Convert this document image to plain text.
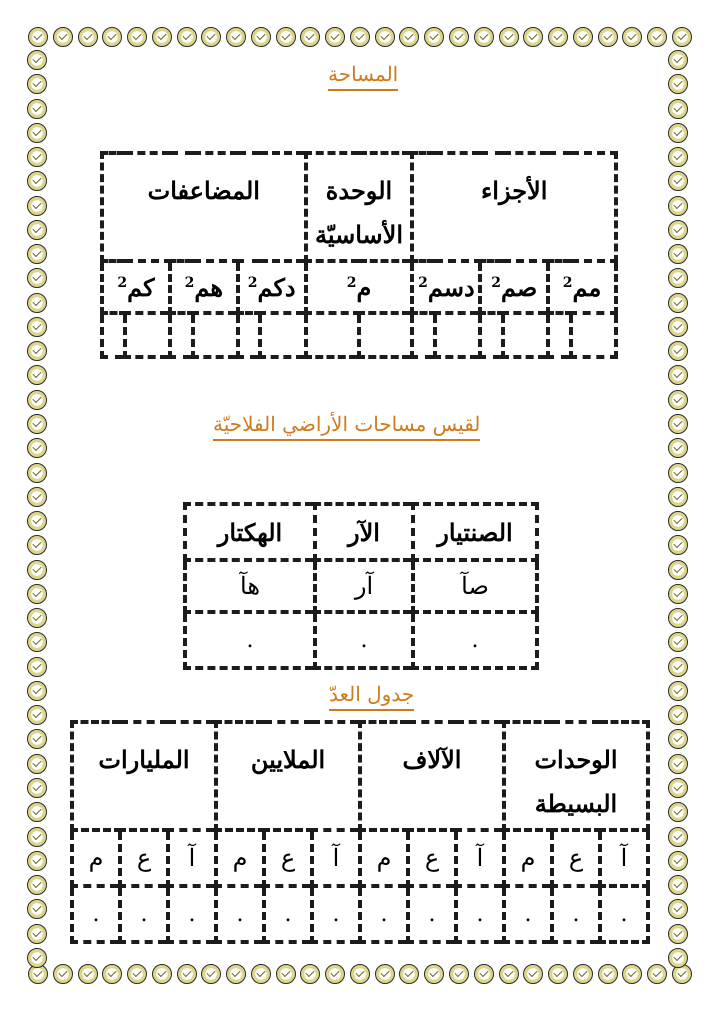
المساحة
الأجزاء						الوحدة الأساسيّة		المضاعفات					
مم$^2$		صم$^2$		دسم$^2$		م$^2$		دكم$^2$		هم$^2$		كم$^2$

لقيس مساحات الأراضي الفلاحيّة
الصنتيار	الآر	الهكتار
صآ	آر	هآ
.	.	.
جدول العدّ
الوحدات البسيطة			الآلاف			الملايين			المليارات		
آ	ع	م	آ	ع	م	آ	ع	م	آ	ع	م
.	.	.	.	.	.	.	.	.	.	.	.
